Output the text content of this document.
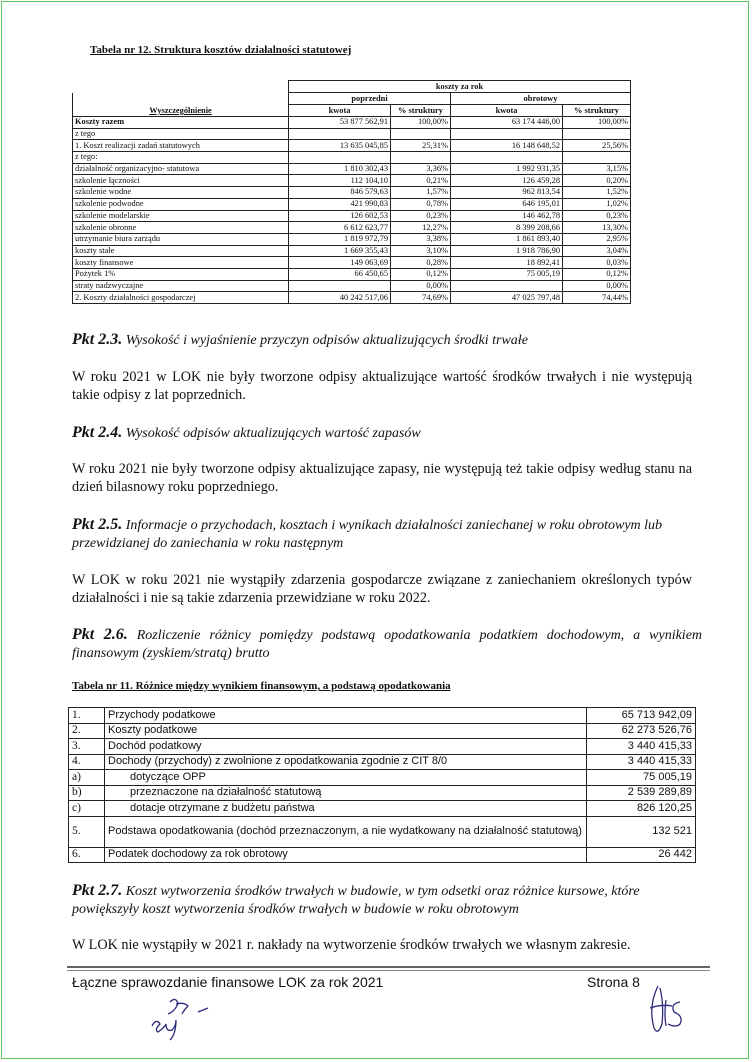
Tabela nr 12. Struktura kosztów działalności statutowej
	koszty za rok			
	poprzedni		obrotowy	
Wyszczególnienie	kwota	% struktury	kwota	% struktury
Koszty razem	53 877 562,91	100,00%	63 174 446,00	100,00%
z tego				
1. Koszt realizacji zadań statutowych	13 635 045,85	25,31%	16 148 648,52	25,56%
z tego:				
działalność organizacyjno- statutowa	1 810 302,43	3,36%	1 992 931,35	3,15%
szkolenie łączności	112 104,10	0,21%	126 459,28	0,20%
szkolenie wodne	846 579,63	1,57%	962 813,54	1,52%
szkolenie podwodne	421 990,83	0,78%	646 195,01	1,02%
szkolenie modelarskie	126 602,53	0,23%	146 462,78	0,23%
szkolenie obronne	6 612 623,77	12,27%	8 399 208,66	13,30%
utrzymanie biura zarządu	1 819 972,79	3,38%	1 861 893,40	2,95%
koszty stałe	1 669 355,43	3,10%	1 918 786,90	3,04%
koszty finansowe	149 063,69	0,28%	18 892,41	0,03%
Pożytek 1%	66 450,65	0,12%	75 005,19	0,12%
straty nadzwyczajne		0,00%		0,00%
2. Koszty działalności gospodarczej	40 242 517,06	74,69%	47 025 797,48	74,44%
Pkt 2.3. Wysokość i wyjaśnienie przyczyn odpisów aktualizujących środki trwałe
W roku 2021 w LOK nie były tworzone odpisy aktualizujące wartość środków trwałych i nie występują takie odpisy z lat poprzednich.
Pkt 2.4. Wysokość odpisów aktualizujących wartość zapasów
W roku 2021 nie były tworzone odpisy aktualizujące zapasy, nie występują też takie odpisy według stanu na dzień bilasnowy roku poprzedniego.
Pkt 2.5. Informacje o przychodach, kosztach i wynikach działalności zaniechanej w roku obrotowym lub przewidzianej do zaniechania w roku następnym
W LOK w roku 2021 nie wystąpiły zdarzenia gospodarcze związane z zaniechaniem określonych typów działalności i nie są takie zdarzenia przewidziane w roku 2022.
Pkt 2.6. Rozliczenie różnicy pomiędzy podstawą opodatkowania podatkiem dochodowym, a wynikiem finansowym (zyskiem/stratą) brutto
Tabela nr 11. Różnice między wynikiem finansowym, a podstawą opodatkowania
1.	Przychody podatkowe	65 713 942,09
2.	Koszty podatkowe	62 273 526,76
3.	Dochód podatkowy	3 440 415,33
4.	Dochody (przychody) z zwolnione z opodatkowania zgodnie z CIT 8/0	3 440 415,33
a)	dotyczące OPP	75 005,19
b)	przeznaczone na działalność statutową	2 539 289,89
c)	dotacje otrzymane z budżetu państwa	826 120,25
5.	Podstawa opodatkowania (dochód przeznaczonym, a nie wydatkowany na działalność statutową)	132 521
6.	Podatek dochodowy za rok obrotowy	26 442
Pkt 2.7. Koszt wytworzenia środków trwałych w budowie, w tym odsetki oraz różnice kursowe, które powiększyły koszt wytworzenia środków trwałych w budowie w roku obrotowym
W LOK nie wystąpiły w 2021 r. nakłady na wytworzenie środków trwałych we własnym zakresie.
Łączne sprawozdanie finansowe LOK za rok 2021	Strona 8
